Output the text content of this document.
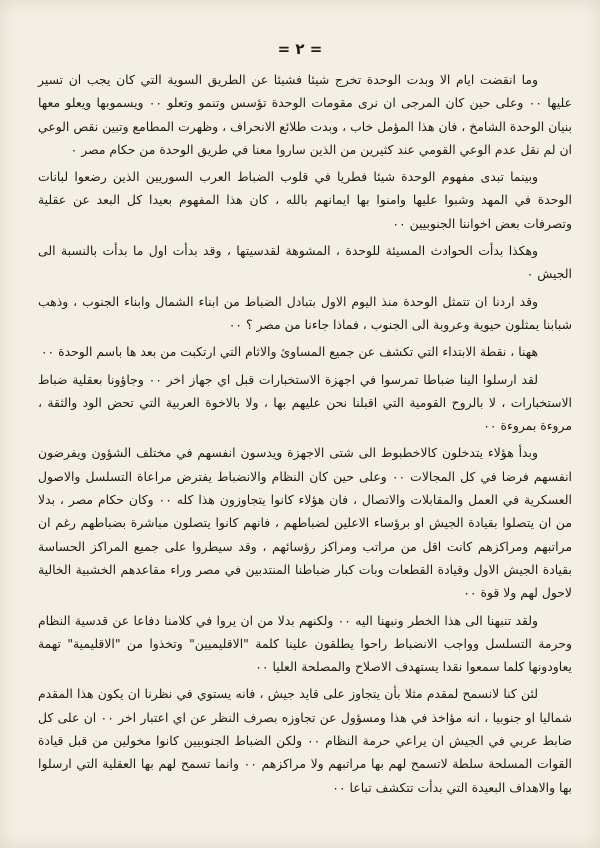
= ٢ =

وما انقضت ايام الا وبدت الوحدة تخرج شيئا فشيئا عن الطريق السوية التي كان يجب ان تسير عليها ٠٠ وعلى حين كان المرجى ان نرى مقومات الوحدة تؤسس وتنمو وتعلو ٠٠ ويسموبها ويعلو معها بنيان الوحدة الشامخ ، فان هذا المؤمل خاب ، وبدت طلائع الانحراف ، وظهرت المطامع وتبين نقص الوعي ان لم نقل عدم الوعي القومي عند كثيرين من الذين ساروا معنا في طريق الوحدة من حكام مصر ٠

وبينما تبدى مفهوم الوحدة شيئا فطريا في قلوب الضباط العرب السوريين الذين رضعوا لبانات الوحدة في المهد وشبوا عليها وامنوا بها ايمانهم بالله ، كان هذا المفهوم بعيدا كل البعد عن عقلية وتصرفات بعض اخواننا الجنوبيين ٠٠

وهكذا بدأت الحوادث المسيئة للوحدة ، المشوهة لقدسيتها ، وقد بدأت اول ما بدأت بالنسبة الى الجيش ٠

وقد اردنا ان تتمثل الوحدة منذ اليوم الاول بتبادل الضباط من ابناء الشمال وابناء الجنوب ، وذهب شبابنا يمثلون حيوية وعروبة الى الجنوب ، فماذا جاءنا من مصر ؟ ٠٠

ههنا ، نقطة الابتداء التي تكشف عن جميع المساوئ والاثام التي ارتكبت من بعد ها باسم الوحدة ٠٠

لقد ارسلوا الينا ضباطا تمرسوا في اجهزة الاستخبارات قبل اي جهاز اخر ٠٠ وجاؤونا بعقلية ضباط الاستخبارات ، لا بالروح القومية التي اقبلنا نحن عليهم بها ، ولا بالاخوة العربية التي تحض الود والثقة ، مروءة بمروءة ٠٠

وبدأ هؤلاء يتدخلون كالاخطبوط الى شتى الاجهزة ويدسون انفسهم في مختلف الشؤون ويفرضون انفسهم فرضا في كل المجالات ٠٠ وعلى حين كان النظام والانضباط يفترض مراعاة التسلسل والاصول العسكرية في العمل والمقابلات والاتصال ، فان هؤلاء كانوا يتجاوزون هذا كله ٠٠ وكان حكام مصر ، بدلا من ان يتصلوا بقيادة الجيش او برؤساء الاعلين لضباطهم ، فانهم كانوا يتصلون مباشرة بضباطهم رغم ان مراتبهم ومراكزهم كانت اقل من مراتب ومراكز رؤسائهم ، وقد سيطروا على جميع المراكز الحساسة بقيادة الجيش الاول وقيادة القطعات وبات كبار ضباطنا المنتدبين في مصر وراء مقاعدهم الخشبية الخالية لاحول لهم ولا قوة ٠٠

ولقد تنبهنا الى هذا الخطر ونبهنا اليه ٠٠ ولكنهم بدلا من ان يروا في كلامنا دفاعا عن قدسية النظام وحرمة التسلسل وواجب الانضباط راحوا يطلقون علينا كلمة "الاقليميين" وتخذوا من "الاقليمية" تهمة يعاودونها كلما سمعوا نقدا يستهدف الاصلاح والمصلحة العليا ٠٠

لئن كنا لانسمح لمقدم مثلا بأن يتجاوز على قايد جيش ، فانه يستوي في نظرنا ان يكون هذا المقدم شماليا او جنوبيا ، انه مؤاخذ في هذا ومسؤول عن تجاوزه بصرف النظر عن اي اعتبار اخر ٠٠ ان على كل ضابط عربي في الجيش ان يراعي حرمة النظام ٠٠ ولكن الضباط الجنوبيين كانوا مخولين من قبل قيادة القوات المسلحة سلطة لاتسمح لهم بها مراتبهم ولا مراكزهم ٠٠ وانما تسمح لهم بها العقلية التي ارسلوا بها والاهداف البعيدة التي بدأت تتكشف تباعا ٠٠
